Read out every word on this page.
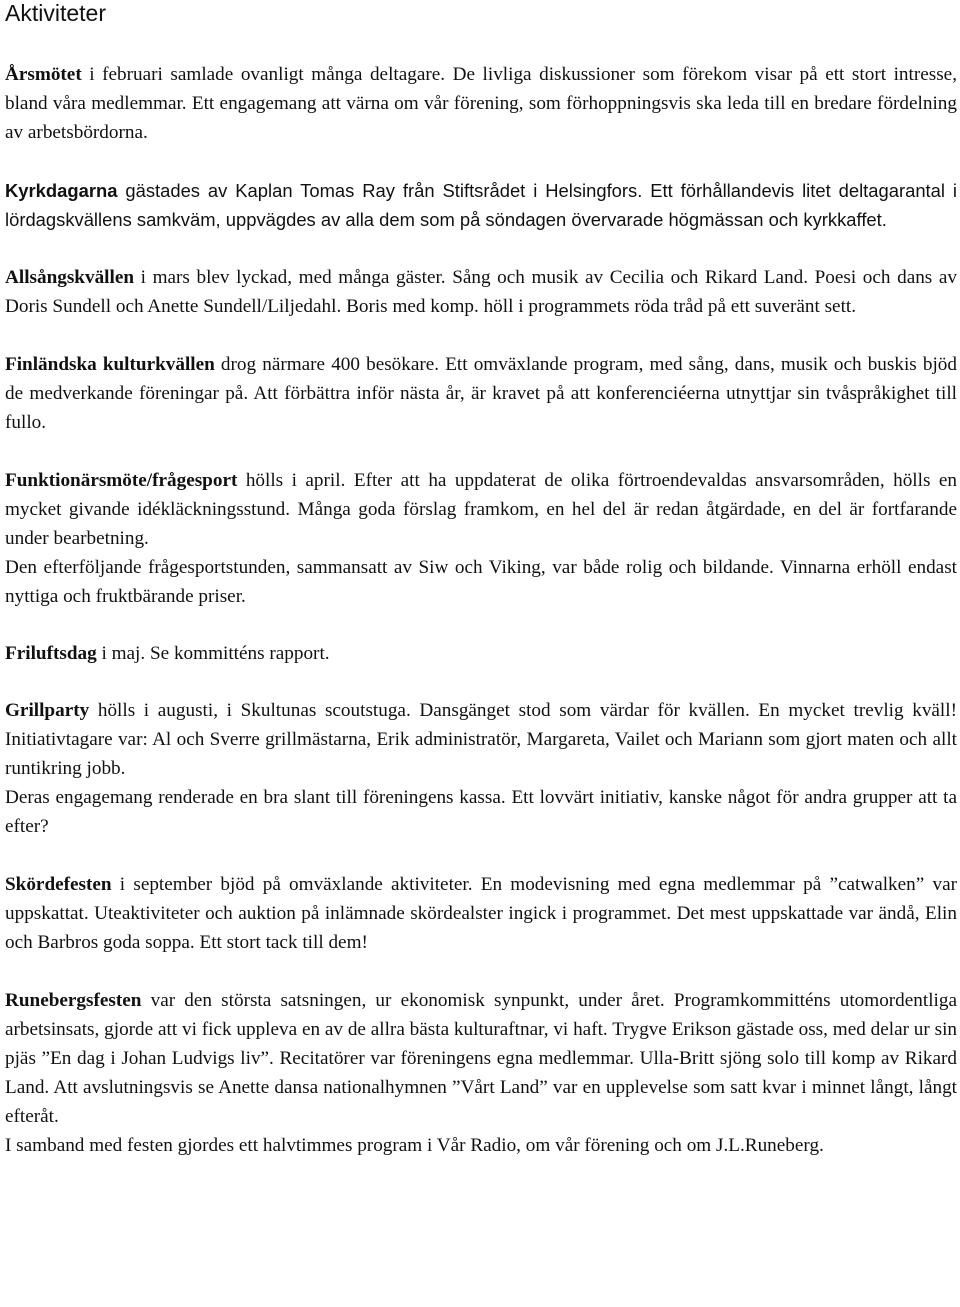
Aktiviteter

Årsmötet i februari samlade ovanligt många deltagare. De livliga diskussioner som förekom visar på ett stort intresse, bland våra medlemmar. Ett engagemang att värna om vår förening, som förhoppningsvis ska leda till en bredare fördelning av arbetsbördorna.

Kyrkdagarna gästades av Kaplan Tomas Ray från Stiftsrådet i Helsingfors. Ett förhållandevis litet deltagarantal i lördagskvällens samkväm, uppvägdes av alla dem som på söndagen övervarade högmässan och kyrkkaffet.

Allsångskvällen i mars blev lyckad, med många gäster. Sång och musik av Cecilia och Rikard Land. Poesi och dans av Doris Sundell och Anette Sundell/Liljedahl. Boris med komp. höll i programmets röda tråd på ett suveränt sett.

Finländska kulturkvällen drog närmare 400 besökare. Ett omväxlande program, med sång, dans, musik och buskis bjöd de medverkande föreningar på. Att förbättra inför nästa år, är kravet på att konferenciéerna utnyttjar sin tvåspråkighet till fullo.

Funktionärsmöte/frågesport hölls i april. Efter att ha uppdaterat de olika förtroendevaldas ansvarsområden, hölls en mycket givande idékläckningsstund. Många goda förslag framkom, en hel del är redan åtgärdade, en del är fortfarande under bearbetning.

Den efterföljande frågesportstunden, sammansatt av Siw och Viking, var både rolig och bildande. Vinnarna erhöll endast nyttiga och fruktbärande priser.

Friluftsdag i maj. Se kommitténs rapport.

Grillparty hölls i augusti, i Skultunas scoutstuga. Dansgänget stod som värdar för kvällen. En mycket trevlig kväll! Initiativtagare var: Al och Sverre grillmästarna, Erik administratör, Margareta, Vailet och Mariann som gjort maten och allt runtikring jobb.

Deras engagemang renderade en bra slant till föreningens kassa. Ett lovvärt initiativ, kanske något för andra grupper att ta efter?

Skördefesten i september bjöd på omväxlande aktiviteter. En modevisning med egna medlemmar på ”catwalken” var uppskattat. Uteaktiviteter och auktion på inlämnade skördealster ingick i programmet. Det mest uppskattade var ändå, Elin och Barbros goda soppa. Ett stort tack till dem!

Runebergsfesten var den största satsningen, ur ekonomisk synpunkt, under året. Programkommitténs utomordentliga arbetsinsats, gjorde att vi fick uppleva en av de allra bästa kulturaftnar, vi haft. Trygve Erikson gästade oss, med delar ur sin pjäs ”En dag i Johan Ludvigs liv”. Recitatörer var föreningens egna medlemmar. Ulla-Britt sjöng solo till komp av Rikard Land. Att avslutningsvis se Anette dansa nationalhymnen ”Vårt Land” var en upplevelse som satt kvar i minnet långt, långt efteråt.

I samband med festen gjordes ett halvtimmes program i Vår Radio, om vår förening och om J.L.Runeberg.
